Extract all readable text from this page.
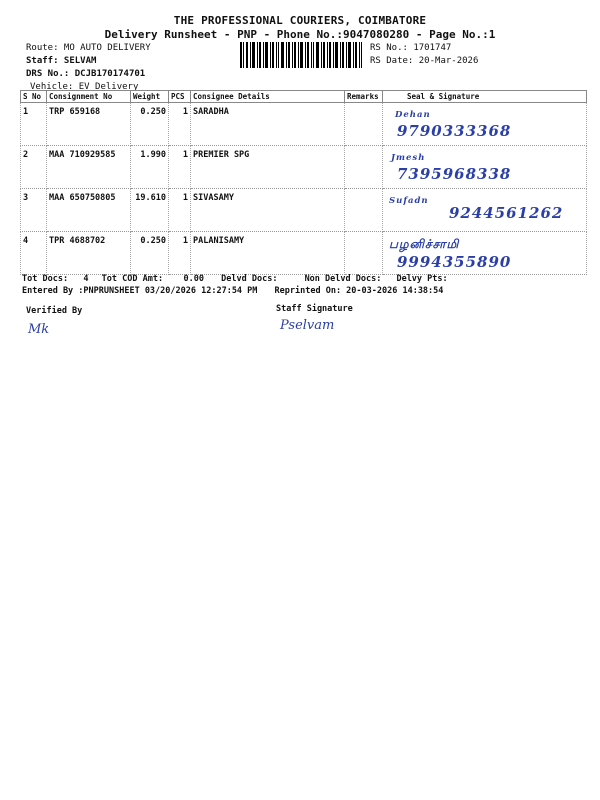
THE PROFESSIONAL COURIERS, COIMBATORE
Delivery Runsheet - PNP - Phone No.:9047080280 - Page No.:1
Route: MO AUTO DELIVERY
Staff: SELVAM
DRS No.: DCJB170174701
Vehicle: EV Delivery
RS No.: 1701747
RS Date: 20-Mar-2026
S No	Consignment No	Weight	PCS	Consignee Details	Remarks	Seal & Signature
1	TRP 659168	0.250	1	SARADHA		Dehan
9790333368

2	MAA 710929585	1.990	1	PREMIER SPG		Jmesh
7395968338

3	MAA 650750805	19.610	1	SIVASAMY		Sufadn
9244561262

4	TPR 4688702	0.250	1	PALANISAMY		பழனிச்சாமி
9994355890
Tot Docs:   4 Tot COD Amt:    0.00 Delvd Docs:	Non Delvd Docs: Delvy Pts:
Entered By :PNPRUNSHEET 03/20/2026 12:27:54 PM Reprinted On: 20-03-2026 14:38:54
Verified By
Mk
Staff Signature
Pselvam
